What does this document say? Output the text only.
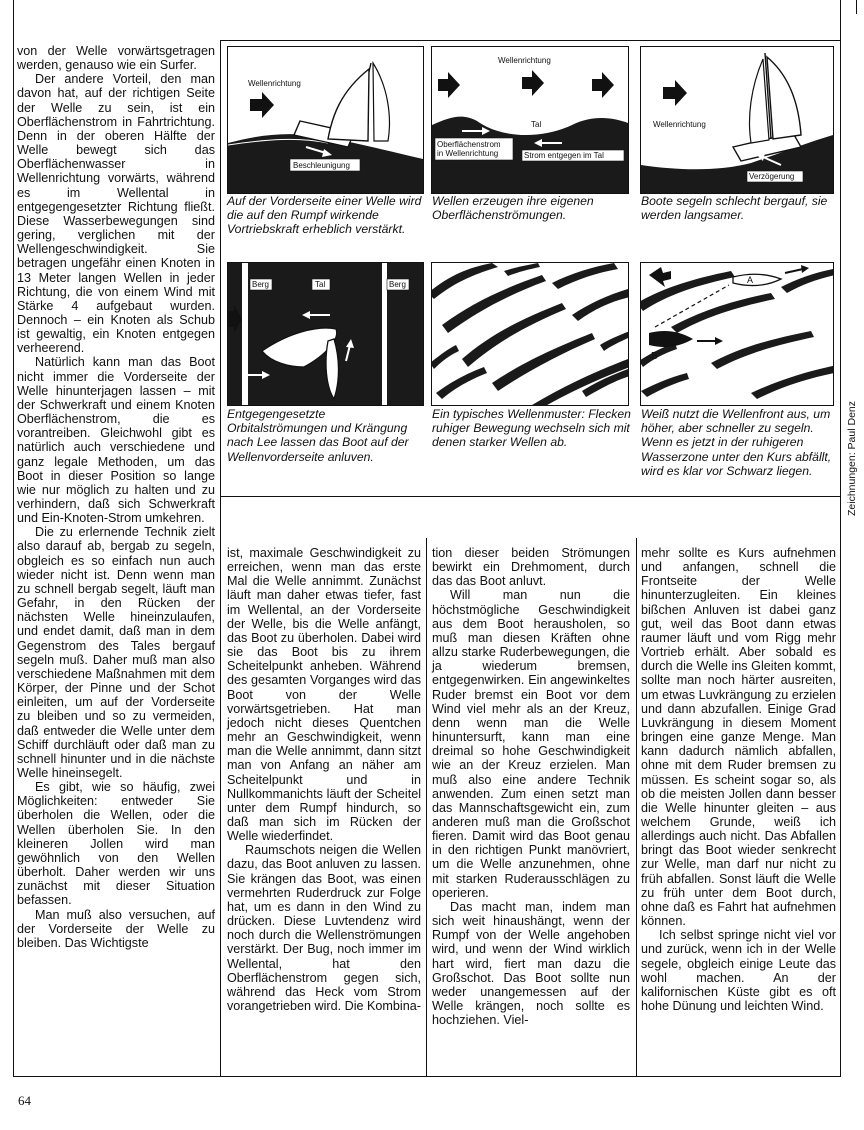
Wellenrichtung
Beschleunigung
Auf der Vorderseite einer Welle wird die auf den Rumpf wirkende Vortriebskraft erheblich verstärkt.
Wellenrichtung
Tal
Oberflächenstrom in Wellenrichtung	Strom entgegen im Tal
Wellen erzeugen ihre eigenen Oberflächenströmungen.
Wellenrichtung
Verzögerung
Boote segeln schlecht bergauf, sie werden langsamer.
Berg	Tal	Berg
Entgegengesetzte Orbitalströmungen und Krängung nach Lee lassen das Boot auf der Wellenvorderseite anluven.
Ein typisches Wellenmuster: Flecken ruhiger Bewegung wechseln sich mit denen starker Wellen ab.
B
A
Weiß nutzt die Wellenfront aus, um höher, aber schneller zu segeln. Wenn es jetzt in der ruhigeren Wasserzone unter den Kurs abfällt, wird es klar vor Schwarz liegen.	Zeichnungen: Paul Denz

von der Welle vorwärtsgetragen werden, genauso wie ein Surfer.

Der andere Vorteil, den man davon hat, auf der richtigen Seite der Welle zu sein, ist ein Oberflächenstrom in Fahrtrichtung. Denn in der oberen Hälfte der Welle bewegt sich das Oberflächenwasser in Wellenrichtung vorwärts, während es im Wellental in entgegengesetzter Richtung fließt. Diese Wasserbewegungen sind gering, verglichen mit der Wellengeschwindigkeit. Sie betragen ungefähr einen Knoten in 13 Meter langen Wellen in jeder Richtung, die von einem Wind mit Stärke 4 aufgebaut wurden. Dennoch – ein Knoten als Schub ist gewaltig, ein Knoten entgegen verheerend.

Natürlich kann man das Boot nicht immer die Vorderseite der Welle hinunterjagen lassen – mit der Schwerkraft und einem Knoten Oberflächenstrom, die es vorantreiben. Gleichwohl gibt es natürlich auch verschiedene und ganz legale Methoden, um das Boot in dieser Position so lange wie nur möglich zu halten und zu verhindern, daß sich Schwerkraft und Ein-Knoten-Strom umkehren.

Die zu erlernende Technik zielt also darauf ab, bergab zu segeln, obgleich es so einfach nun auch wieder nicht ist. Denn wenn man zu schnell bergab segelt, läuft man Gefahr, in den Rücken der nächsten Welle hineinzulaufen, und endet damit, daß man in dem Gegenstrom des Tales bergauf segeln muß. Daher muß man also verschiedene Maßnahmen mit dem Körper, der Pinne und der Schot einleiten, um auf der Vorderseite zu bleiben und so zu vermeiden, daß entweder die Welle unter dem Schiff durchläuft oder daß man zu schnell hinunter und in die nächste Welle hineinsegelt.

Es gibt, wie so häufig, zwei Möglichkeiten: entweder Sie überholen die Wellen, oder die Wellen überholen Sie. In den kleineren Jollen wird man gewöhnlich von den Wellen überholt. Daher werden wir uns zunächst mit dieser Situation befassen.

Man muß also versuchen, auf der Vorderseite der Welle zu bleiben. Das Wichtigste

ist, maximale Geschwindigkeit zu erreichen, wenn man das erste Mal die Welle annimmt. Zunächst läuft man daher etwas tiefer, fast im Wellental, an der Vorderseite der Welle, bis die Welle anfängt, das Boot zu überholen. Dabei wird sie das Boot bis zu ihrem Scheitelpunkt anheben. Während des gesamten Vorganges wird das Boot von der Welle vorwärtsgetrieben. Hat man jedoch nicht dieses Quentchen mehr an Geschwindigkeit, wenn man die Welle annimmt, dann sitzt man von Anfang an näher am Scheitelpunkt und in Nullkommanichts läuft der Scheitel unter dem Rumpf hindurch, so daß man sich im Rücken der Welle wiederfindet.

Raumschots neigen die Wellen dazu, das Boot anluven zu lassen. Sie krängen das Boot, was einen vermehrten Ruderdruck zur Folge hat, um es dann in den Wind zu drücken. Diese Luvtendenz wird noch durch die Wellenströmungen verstärkt. Der Bug, noch immer im Wellental, hat den Oberflächenstrom gegen sich, während das Heck vom Strom vorangetrieben wird. Die Kombina-

tion dieser beiden Strömungen bewirkt ein Drehmoment, durch das das Boot anluvt.

Will man nun die höchstmögliche Geschwindigkeit aus dem Boot herausholen, so muß man diesen Kräften ohne allzu starke Ruderbewegungen, die ja wiederum bremsen, entgegenwirken. Ein angewinkeltes Ruder bremst ein Boot vor dem Wind viel mehr als an der Kreuz, denn wenn man die Welle hinuntersurft, kann man eine dreimal so hohe Geschwindigkeit wie an der Kreuz erzielen. Man muß also eine andere Technik anwenden. Zum einen setzt man das Mannschaftsgewicht ein, zum anderen muß man die Großschot fieren. Damit wird das Boot genau in den richtigen Punkt manövriert, um die Welle anzunehmen, ohne mit starken Ruderausschlägen zu operieren.

Das macht man, indem man sich weit hinaushängt, wenn der Rumpf von der Welle angehoben wird, und wenn der Wind wirklich hart wird, fiert man dazu die Großschot. Das Boot sollte nun weder unangemessen auf der Welle krängen, noch sollte es hochziehen. Viel-

mehr sollte es Kurs aufnehmen und anfangen, schnell die Frontseite der Welle hinunterzugleiten. Ein kleines bißchen Anluven ist dabei ganz gut, weil das Boot dann etwas raumer läuft und vom Rigg mehr Vortrieb erhält. Aber sobald es durch die Welle ins Gleiten kommt, sollte man noch härter ausreiten, um etwas Luvkrängung zu erzielen und dann abzufallen. Einige Grad Luvkrängung in diesem Moment bringen eine ganze Menge. Man kann dadurch nämlich abfallen, ohne mit dem Ruder bremsen zu müssen. Es scheint sogar so, als ob die meisten Jollen dann besser die Welle hinunter gleiten – aus welchem Grunde, weiß ich allerdings auch nicht. Das Abfallen bringt das Boot wieder senkrecht zur Welle, man darf nur nicht zu früh abfallen. Sonst läuft die Welle zu früh unter dem Boot durch, ohne daß es Fahrt hat aufnehmen können.

Ich selbst springe nicht viel vor und zurück, wenn ich in der Welle segele, obgleich einige Leute das wohl machen. An der kalifornischen Küste gibt es oft hohe Dünung und leichten Wind.

64
